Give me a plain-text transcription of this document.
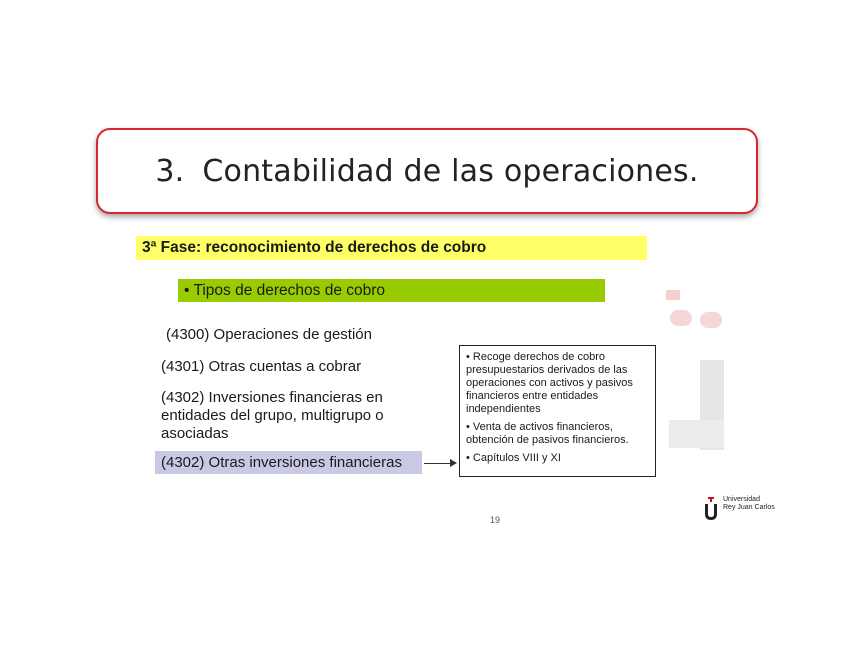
3. Contabilidad de las operaciones.
3ª Fase: reconocimiento de derechos de cobro
• Tipos de derechos de cobro
(4300) Operaciones de gestión
(4301) Otras cuentas a cobrar
(4302) Inversiones financieras en
entidades del grupo, multigrupo o
asociadas
(4302) Otras inversiones financieras

• Recoge derechos de cobro presupuestarios derivados de las operaciones con activos y pasivos financieros entre entidades independientes

• Venta de activos financieros, obtención de pasivos financieros.

• Capítulos VIII y XI

19
Universidad
Rey Juan Carlos
